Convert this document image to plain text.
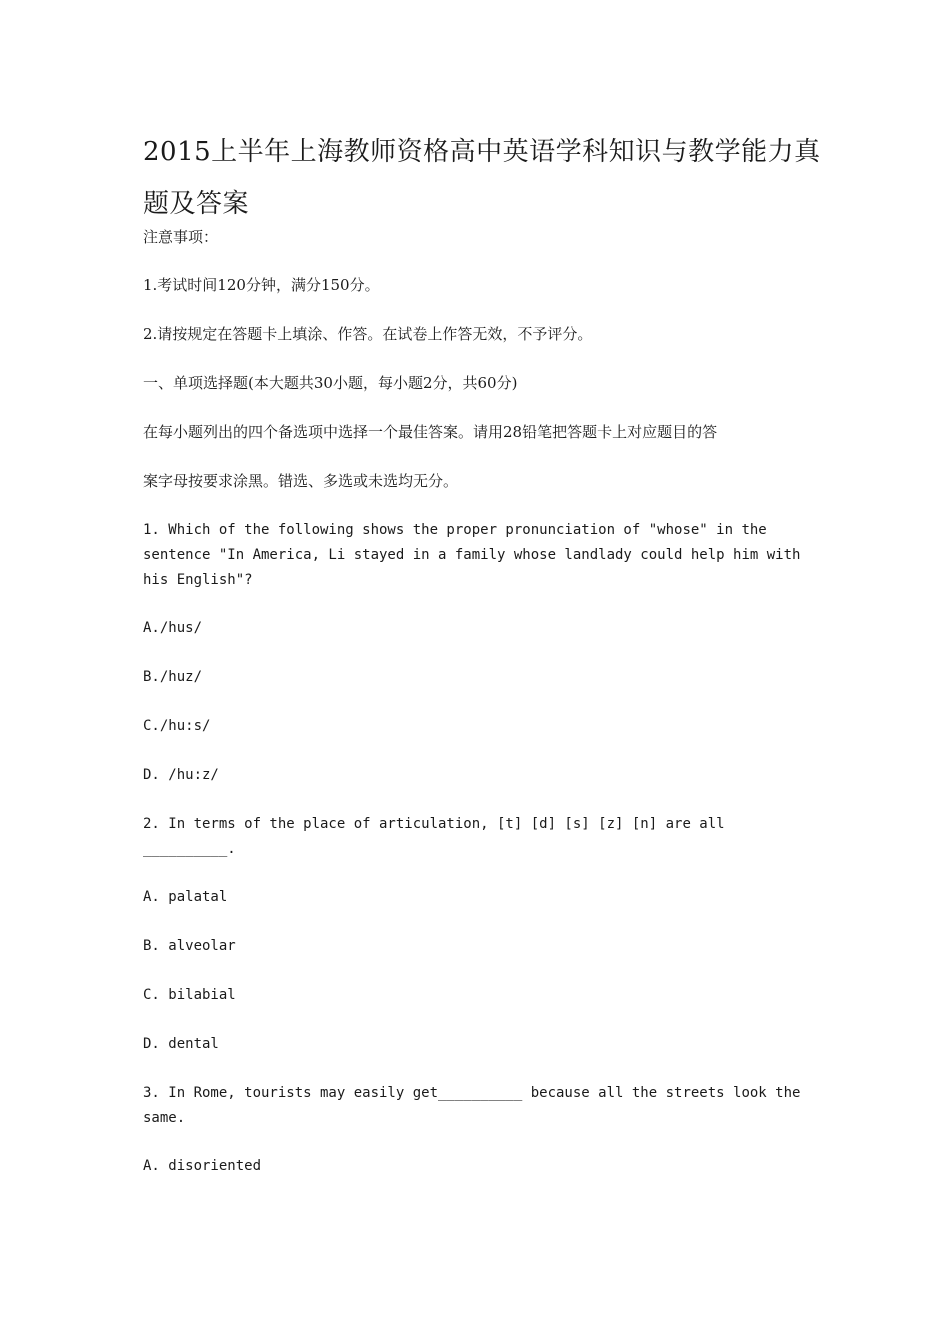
2015上半年上海教师资格高中英语学科知识与教学能力真题及答案

注意事项：

1.考试时间120分钟，满分150分。

2.请按规定在答题卡上填涂、作答。在试卷上作答无效，不予评分。

一、单项选择题(本大题共30小题，每小题2分，共60分)

在每小题列出的四个备选项中选择一个最佳答案。请用28铅笔把答题卡上对应题目的答

案字母按要求涂黑。错选、多选或未选均无分。

1. Which of the following shows the proper pronunciation of "whose" in the sentence "In America, Li stayed in a family whose landlady could help him with his English"?

A./hus/

B./huz/

C./hu:s/

D. /hu:z/

2. In terms of the place of articulation, [t] [d] [s] [z] [n] are all __________.

A. palatal

B. alveolar

C. bilabial

D. dental

3. In Rome, tourists may easily get__________ because all the streets look the same.

A. disoriented
